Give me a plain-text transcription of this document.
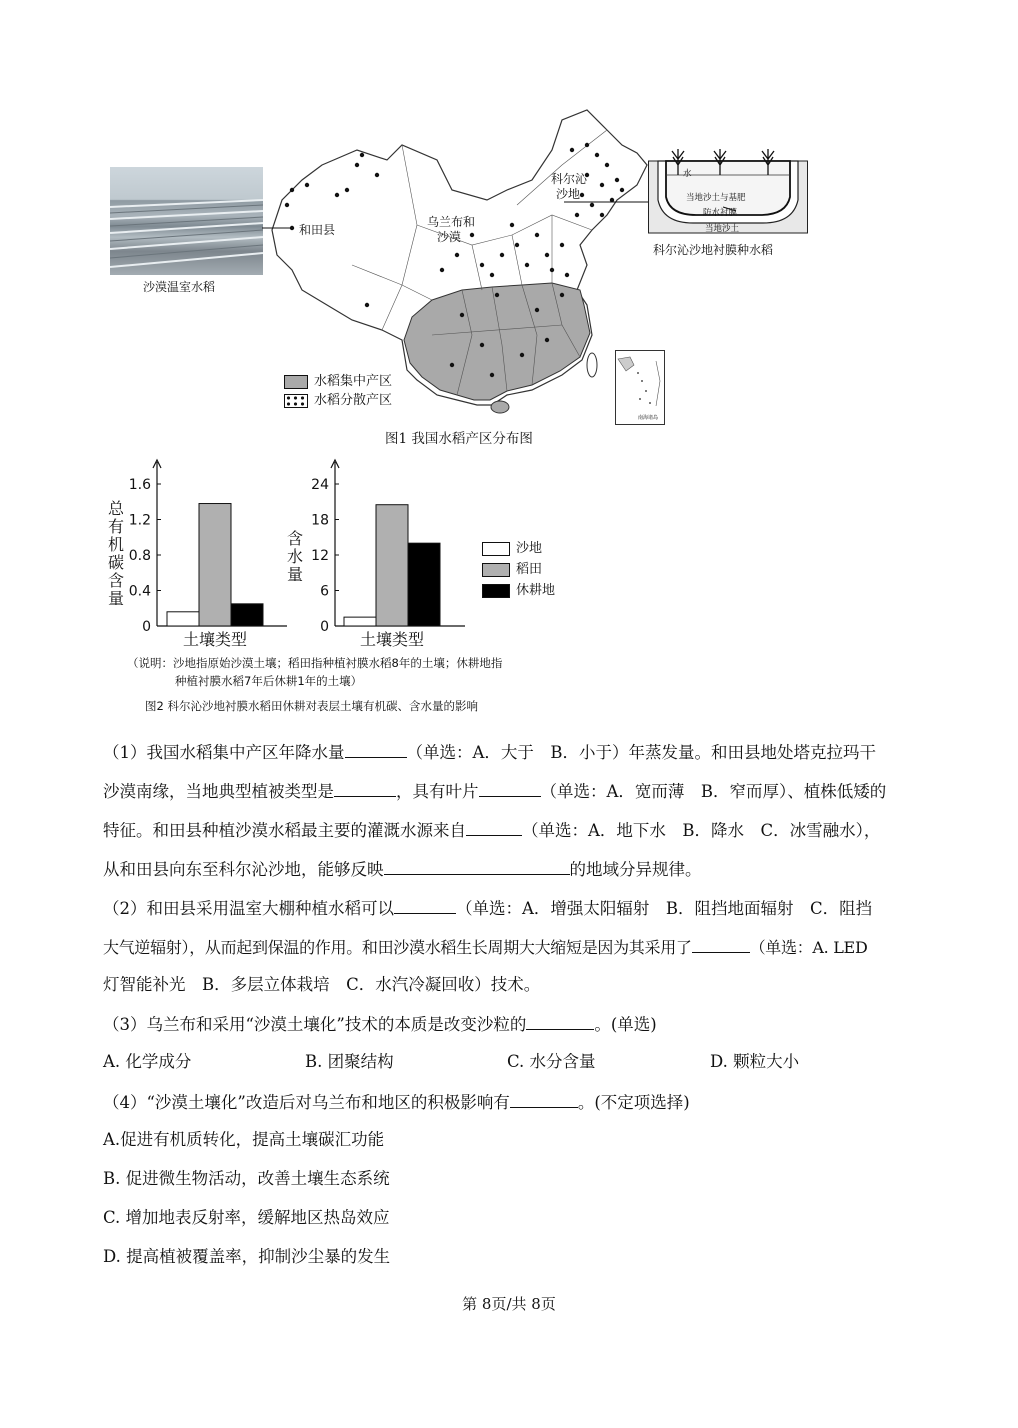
沙漠温室水稻
和田县
乌兰布和
沙漠
科尔沁
沙地
南海诸岛
水
当地沙土与基肥
防水衬膜
当地沙土
科尔沁沙地衬膜种水稻
水稻集中产区
水稻分散产区
图1 我国水稻产区分布图
0
0.4
0.8
1.2
1.6
0
6
12
18
24
总有机碳含量
含水量
土壤类型	土壤类型
沙地
稻田
休耕地
（说明：沙地指原始沙漠土壤；稻田指种植衬膜水稻8年的土壤；休耕地指
种植衬膜水稻7年后休耕1年的土壤）
图2 科尔沁沙地衬膜水稻田休耕对表层土壤有机碳、含水量的影响
（1）我国水稻集中产区年降水量	（单选：A．大于　B．小于）年蒸发量。和田县地处塔克拉玛干
沙漠南缘，当地典型植被类型是	，具有叶片	（单选：A．宽而薄　B．窄而厚）、植株低矮的
特征。和田县种植沙漠水稻最主要的灌溉水源来自	（单选：A．地下水　B．降水　C．冰雪融水），
从和田县向东至科尔沁沙地，能够反映	的地域分异规律。
（2）和田县采用温室大棚种植水稻可以	（单选：A．增强太阳辐射　B．阻挡地面辐射　C．阻挡
大气逆辐射），从而起到保温的作用。和田沙漠水稻生长周期大大缩短是因为其采用了	（单选：A. LED
灯智能补光　B．多层立体栽培　C．水汽冷凝回收）技术。
（3）乌兰布和采用“沙漠土壤化”技术的本质是改变沙粒的	。(单选)
A. 化学成分	B. 团聚结构	C. 水分含量	D. 颗粒大小
（4）“沙漠土壤化”改造后对乌兰布和地区的积极影响有	。(不定项选择)
A.促进有机质转化，提高土壤碳汇功能
B. 促进微生物活动，改善土壤生态系统
C. 增加地表反射率，缓解地区热岛效应
D. 提高植被覆盖率，抑制沙尘暴的发生
第 8页/共 8页
